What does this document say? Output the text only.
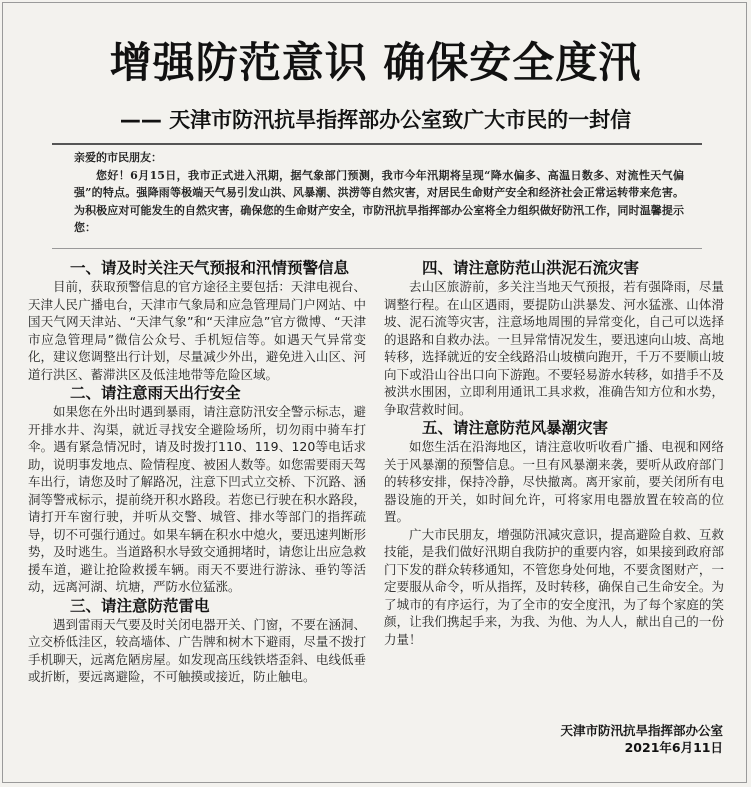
增强防范意识 确保安全度汛
—— 天津市防汛抗旱指挥部办公室致广大市民的一封信

亲爱的市民朋友：

您好！6月15日，我市正式进入汛期，据气象部门预测，我市今年汛期将呈现“降水偏多、高温日数多、对流性天气偏强”的特点。强降雨等极端天气易引发山洪、风暴潮、洪涝等自然灾害，对居民生命财产安全和经济社会正常运转带来危害。为积极应对可能发生的自然灾害，确保您的生命财产安全，市防汛抗旱指挥部办公室将全力组织做好防汛工作，同时温馨提示您：

一、请及时关注天气预报和汛情预警信息

目前，获取预警信息的官方途径主要包括：天津电视台、天津人民广播电台，天津市气象局和应急管理局门户网站、中国天气网天津站、“天津气象”和“天津应急”官方微博、“天津市应急管理局”微信公众号、手机短信等。如遇天气异常变化，建议您调整出行计划，尽量减少外出，避免进入山区、河道行洪区、蓄滞洪区及低洼地带等危险区域。

二、请注意雨天出行安全

如果您在外出时遇到暴雨，请注意防汛安全警示标志，避开排水井、沟渠，就近寻找安全避险场所，切勿雨中骑车打伞。遇有紧急情况时，请及时拨打110、119、120等电话求助，说明事发地点、险情程度、被困人数等。如您需要雨天驾车出行，请您及时了解路况，注意下凹式立交桥、下沉路、涵洞等警戒标示，提前绕开积水路段。若您已行驶在积水路段，请打开车窗行驶，并听从交警、城管、排水等部门的指挥疏导，切不可强行通过。如果车辆在积水中熄火，要迅速判断形势，及时逃生。当道路积水导致交通拥堵时，请您让出应急救援车道，避让抢险救援车辆。雨天不要进行游泳、垂钓等活动，远离河湖、坑塘，严防水位猛涨。

三、请注意防范雷电

遇到雷雨天气要及时关闭电器开关、门窗，不要在涵洞、立交桥低洼区，较高墙体、广告牌和树木下避雨，尽量不拨打手机聊天，远离危陋房屋。如发现高压线铁塔歪斜、电线低垂或折断，要远离避险，不可触摸或接近，防止触电。

四、请注意防范山洪泥石流灾害

去山区旅游前，多关注当地天气预报，若有强降雨，尽量调整行程。在山区遇雨，要提防山洪暴发、河水猛涨、山体滑坡、泥石流等灾害，注意场地周围的异常变化，自己可以选择的退路和自救办法。一旦异常情况发生，要迅速向山坡、高地转移，选择就近的安全线路沿山坡横向跑开，千万不要顺山坡向下或沿山谷出口向下游跑。不要轻易游水转移，如措手不及被洪水围困，立即利用通讯工具求救，准确告知方位和水势，争取营救时间。

五、请注意防范风暴潮灾害

如您生活在沿海地区，请注意收听收看广播、电视和网络关于风暴潮的预警信息。一旦有风暴潮来袭，要听从政府部门的转移安排，保持冷静，尽快撤离。离开家前，要关闭所有电器设施的开关，如时间允许，可将家用电器放置在较高的位置。

广大市民朋友，增强防汛减灾意识，提高避险自救、互救技能，是我们做好汛期自我防护的重要内容，如果接到政府部门下发的群众转移通知，不管您身处何地，不要贪图财产，一定要服从命令，听从指挥，及时转移，确保自己生命安全。为了城市的有序运行，为了全市的安全度汛，为了每个家庭的笑颜，让我们携起手来，为我、为他、为人人，献出自己的一份力量！

天津市防汛抗旱指挥部办公室
2021年6月11日
